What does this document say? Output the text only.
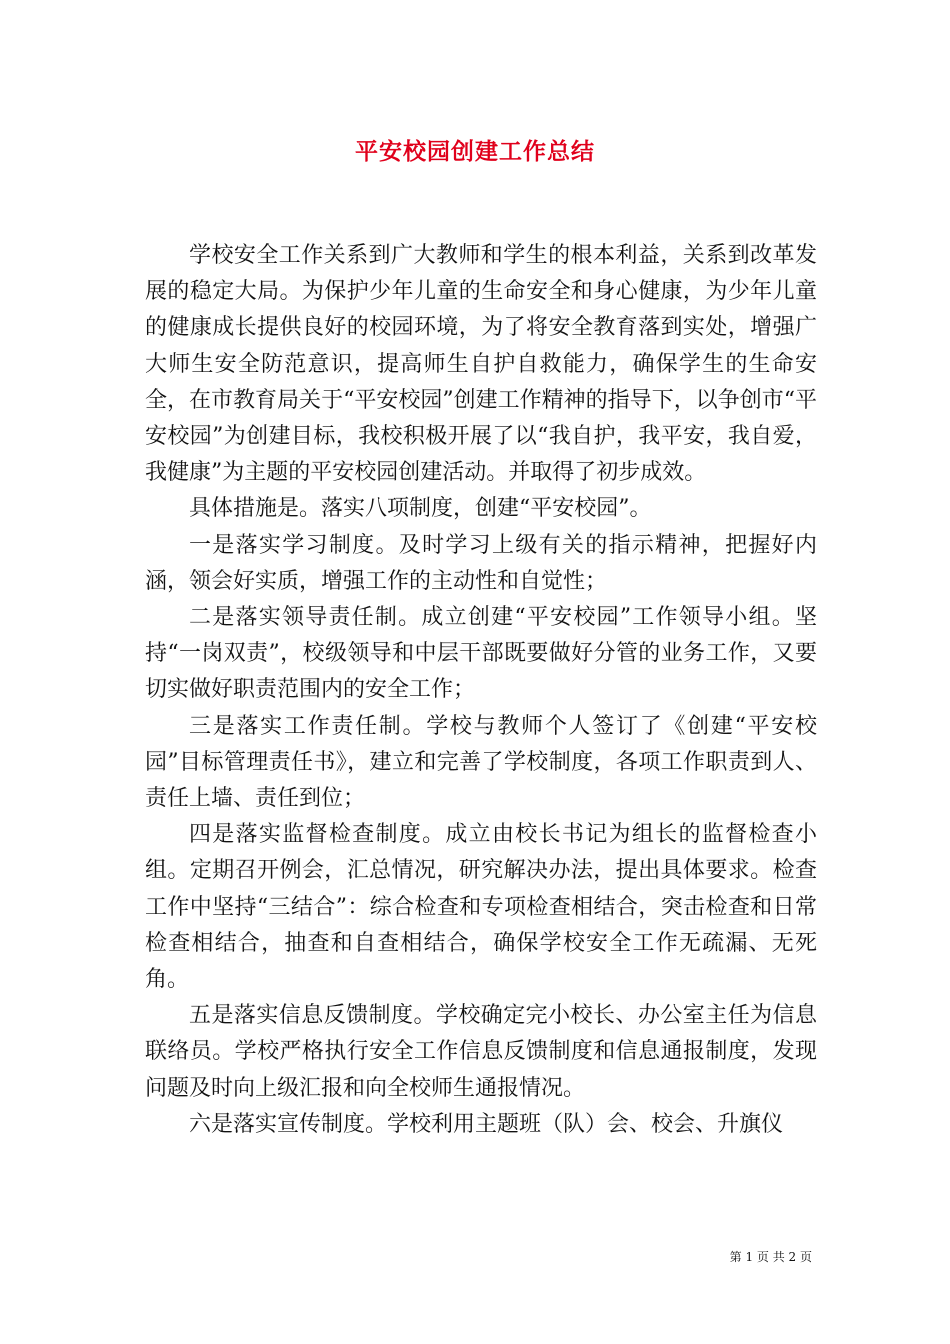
平安校园创建工作总结

学校安全工作关系到广大教师和学生的根本利益，关系到改革发展的稳定大局。为保护少年儿童的生命安全和身心健康，为少年儿童的健康成长提供良好的校园环境，为了将安全教育落到实处，增强广大师生安全防范意识，提高师生自护自救能力，确保学生的生命安全，在市教育局关于“平安校园”创建工作精神的指导下，以争创市“平安校园”为创建目标，我校积极开展了以“我自护，我平安，我自爱，我健康”为主题的平安校园创建活动。并取得了初步成效。

具体措施是。落实八项制度，创建“平安校园”。

一是落实学习制度。及时学习上级有关的指示精神，把握好内涵，领会好实质，增强工作的主动性和自觉性；

二是落实领导责任制。成立创建“平安校园”工作领导小组。坚持“一岗双责”，校级领导和中层干部既要做好分管的业务工作，又要切实做好职责范围内的安全工作；

三是落实工作责任制。学校与教师个人签订了《创建“平安校园”目标管理责任书》，建立和完善了学校制度，各项工作职责到人、责任上墙、责任到位；

四是落实监督检查制度。成立由校长书记为组长的监督检查小组。定期召开例会，汇总情况，研究解决办法，提出具体要求。检查工作中坚持“三结合”：综合检查和专项检查相结合，突击检查和日常检查相结合，抽查和自查相结合，确保学校安全工作无疏漏、无死角。

五是落实信息反馈制度。学校确定完小校长、办公室主任为信息联络员。学校严格执行安全工作信息反馈制度和信息通报制度，发现问题及时向上级汇报和向全校师生通报情况。

六是落实宣传制度。学校利用主题班（队）会、校会、升旗仪

第 1 页 共 2 页
